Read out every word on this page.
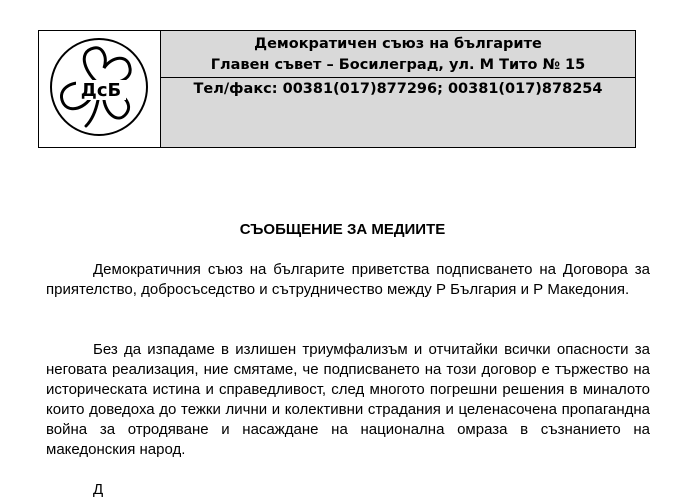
ДсБ
Демократичен съюз на българите
Главен съвет – Босилеград, ул. М Тито № 15
Тел/факс: 00381(017)877296; 00381(017)878254
СЪОБЩЕНИЕ ЗА МЕДИИТЕ

Демократичния съюз на българите приветства подписването на Договора за приятелство, добросъседство и сътрудничество между Р България и Р Македония.

Без да изпадаме в излишен триумфализъм и отчитайки всички опасности за неговата реализация, ние смятаме, че подписването на този договор е тържество на историческата истина и справедливост, след многото погрешни решения в миналото които доведоха до тежки лични и колективни страдания и целенасочена пропагандна война за отродяване и насаждане на национална омраза в съзнанието на македонския народ.

Д
